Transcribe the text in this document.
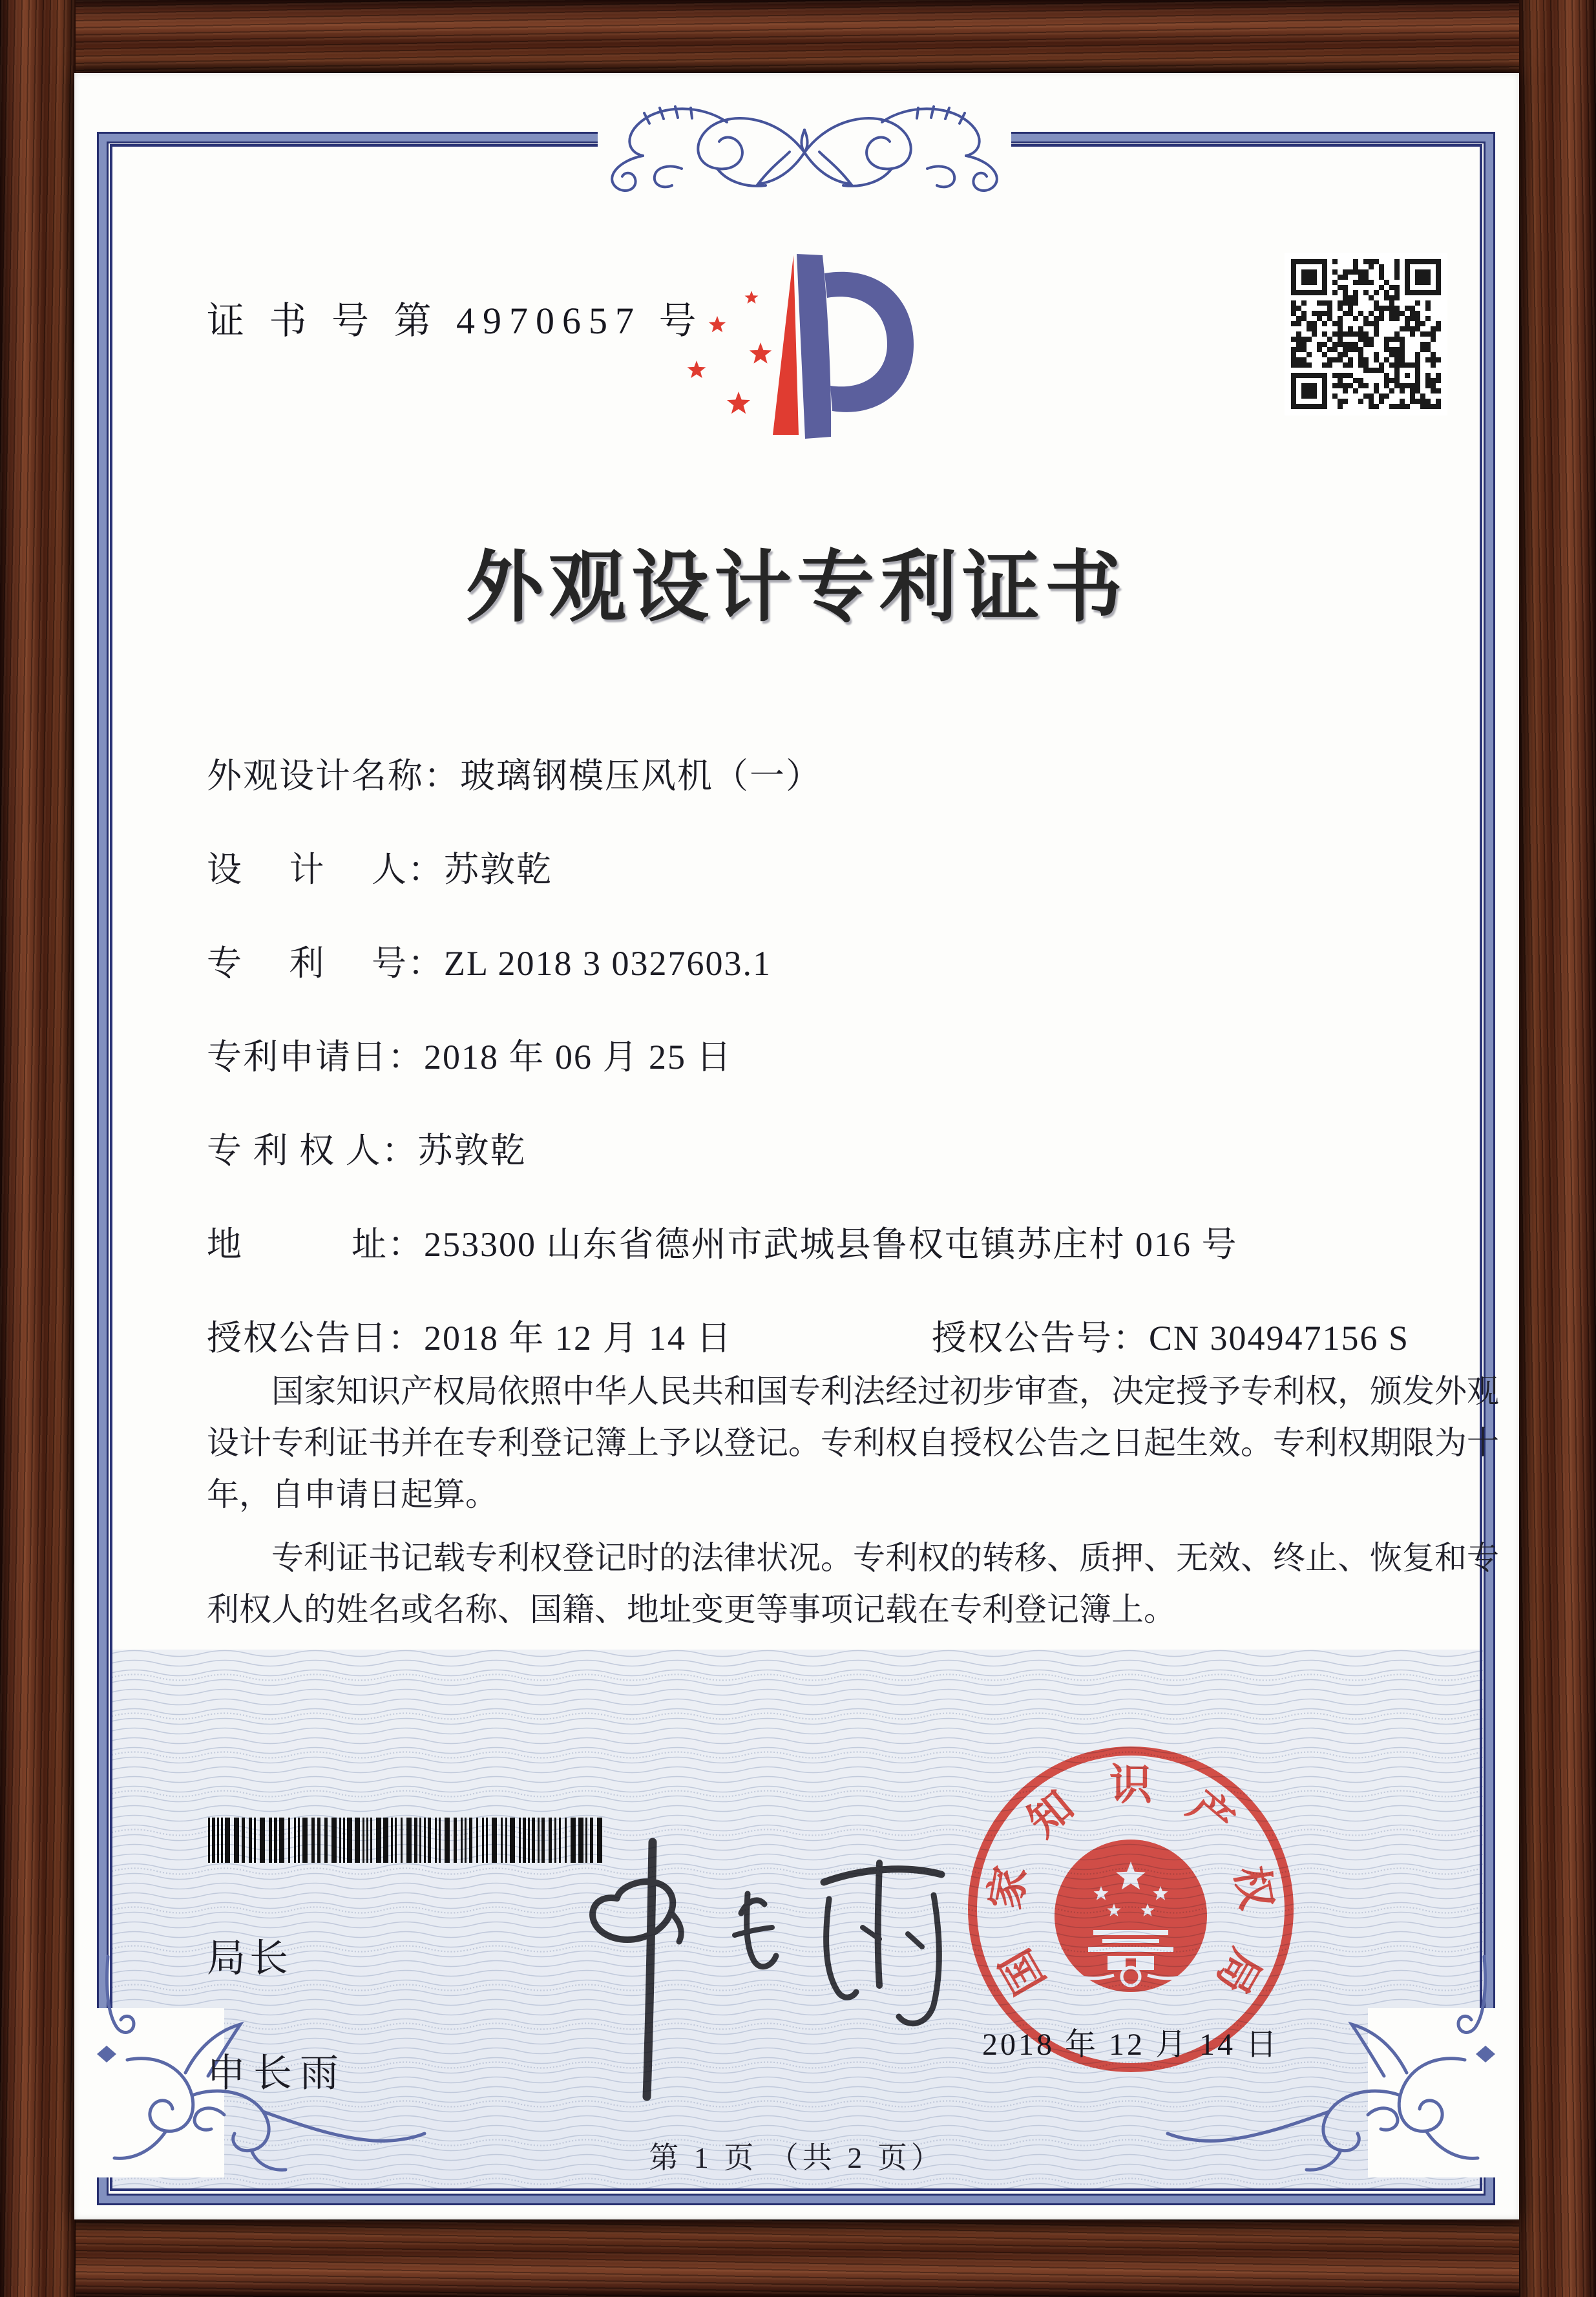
证 书 号 第 4970657 号
外观设计专利证书
外观设计名称：玻璃钢模压风机（一）
设　 计　 人：苏敦乾
专　 利　 号：ZL 2018 3 0327603.1
专利申请日：2018 年 06 月 25 日
专 利 权 人：苏敦乾
地　　　址：253300 山东省德州市武城县鲁权屯镇苏庄村 016 号
授权公告日：2018 年 12 月 14 日	授权公告号：CN 304947156 S
　　国家知识产权局依照中华人民共和国专利法经过初步审查，决定授予专利权，颁发外观
设计专利证书并在专利登记簿上予以登记。专利权自授权公告之日起生效。专利权期限为十
年，自申请日起算。
　　专利证书记载专利权登记时的法律状况。专利权的转移、质押、无效、终止、恢复和专
利权人的姓名或名称、国籍、地址变更等事项记载在专利登记簿上。
局长
申长雨
国
家
知 识 产
权
局
2018 年 12 月 14 日
第 1 页 （共 2 页）
